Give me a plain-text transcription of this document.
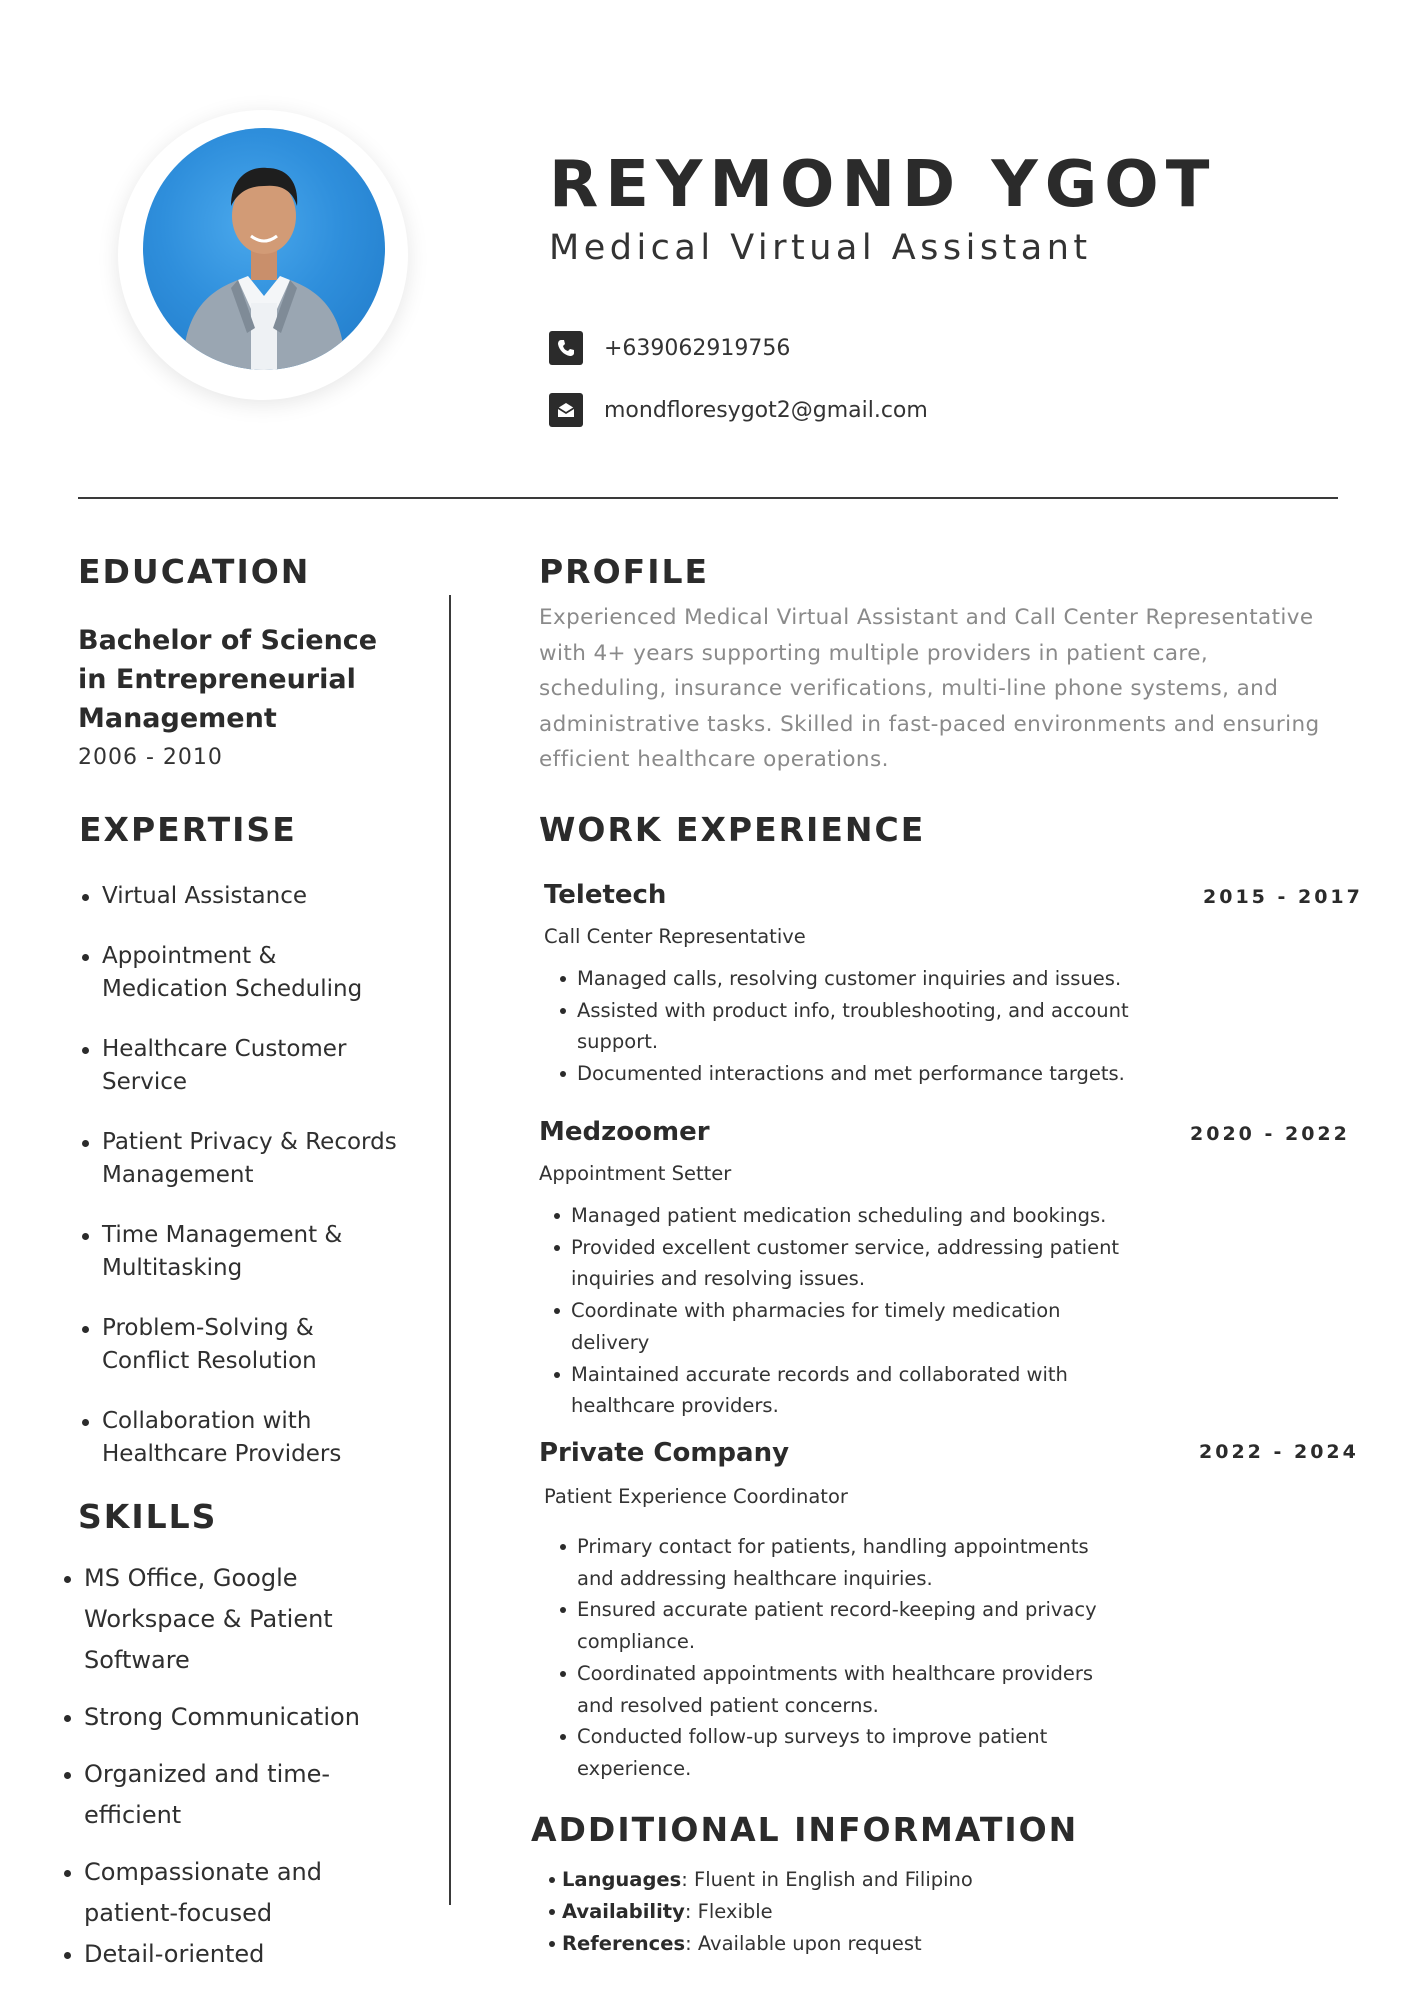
REYMOND YGOT
Medical Virtual Assistant
+639062919756
mondfloresygot2@gmail.com
EDUCATION

Bachelor of Science in Entrepreneurial Management

2006 - 2010
EXPERTISE
Virtual Assistance
Appointment & Medication Scheduling
Healthcare Customer Service
Patient Privacy & Records Management
Time Management & Multitasking
Problem-Solving & Conflict Resolution
Collaboration with Healthcare Providers
SKILLS
MS Office, Google Workspace & Patient Software
Strong Communication
Organized and time-efficient
Compassionate and patient-focused
Detail-oriented
PROFILE

Experienced Medical Virtual Assistant and Call Center Representative with 4+ years supporting multiple providers in patient care, scheduling, insurance verifications, multi-line phone systems, and administrative tasks. Skilled in fast-paced environments and ensuring efficient healthcare operations.

WORK EXPERIENCE
Teletech	2015 - 2017
Call Center Representative
Managed calls, resolving customer inquiries and issues.
Assisted with product info, troubleshooting, and account support.
Documented interactions and met performance targets.
Medzoomer	2020 - 2022
Appointment Setter
Managed patient medication scheduling and bookings.
Provided excellent customer service, addressing patient inquiries and resolving issues.
Coordinate with pharmacies for timely medication delivery
Maintained accurate records and collaborated with healthcare providers.
Private Company	2022 - 2024
Patient Experience Coordinator
Primary contact for patients, handling appointments and addressing healthcare inquiries.
Ensured accurate patient record-keeping and privacy compliance.
Coordinated appointments with healthcare providers and resolved patient concerns.
Conducted follow-up surveys to improve patient experience.
ADDITIONAL INFORMATION
Languages: Fluent in English and Filipino
Availability: Flexible
References: Available upon request
